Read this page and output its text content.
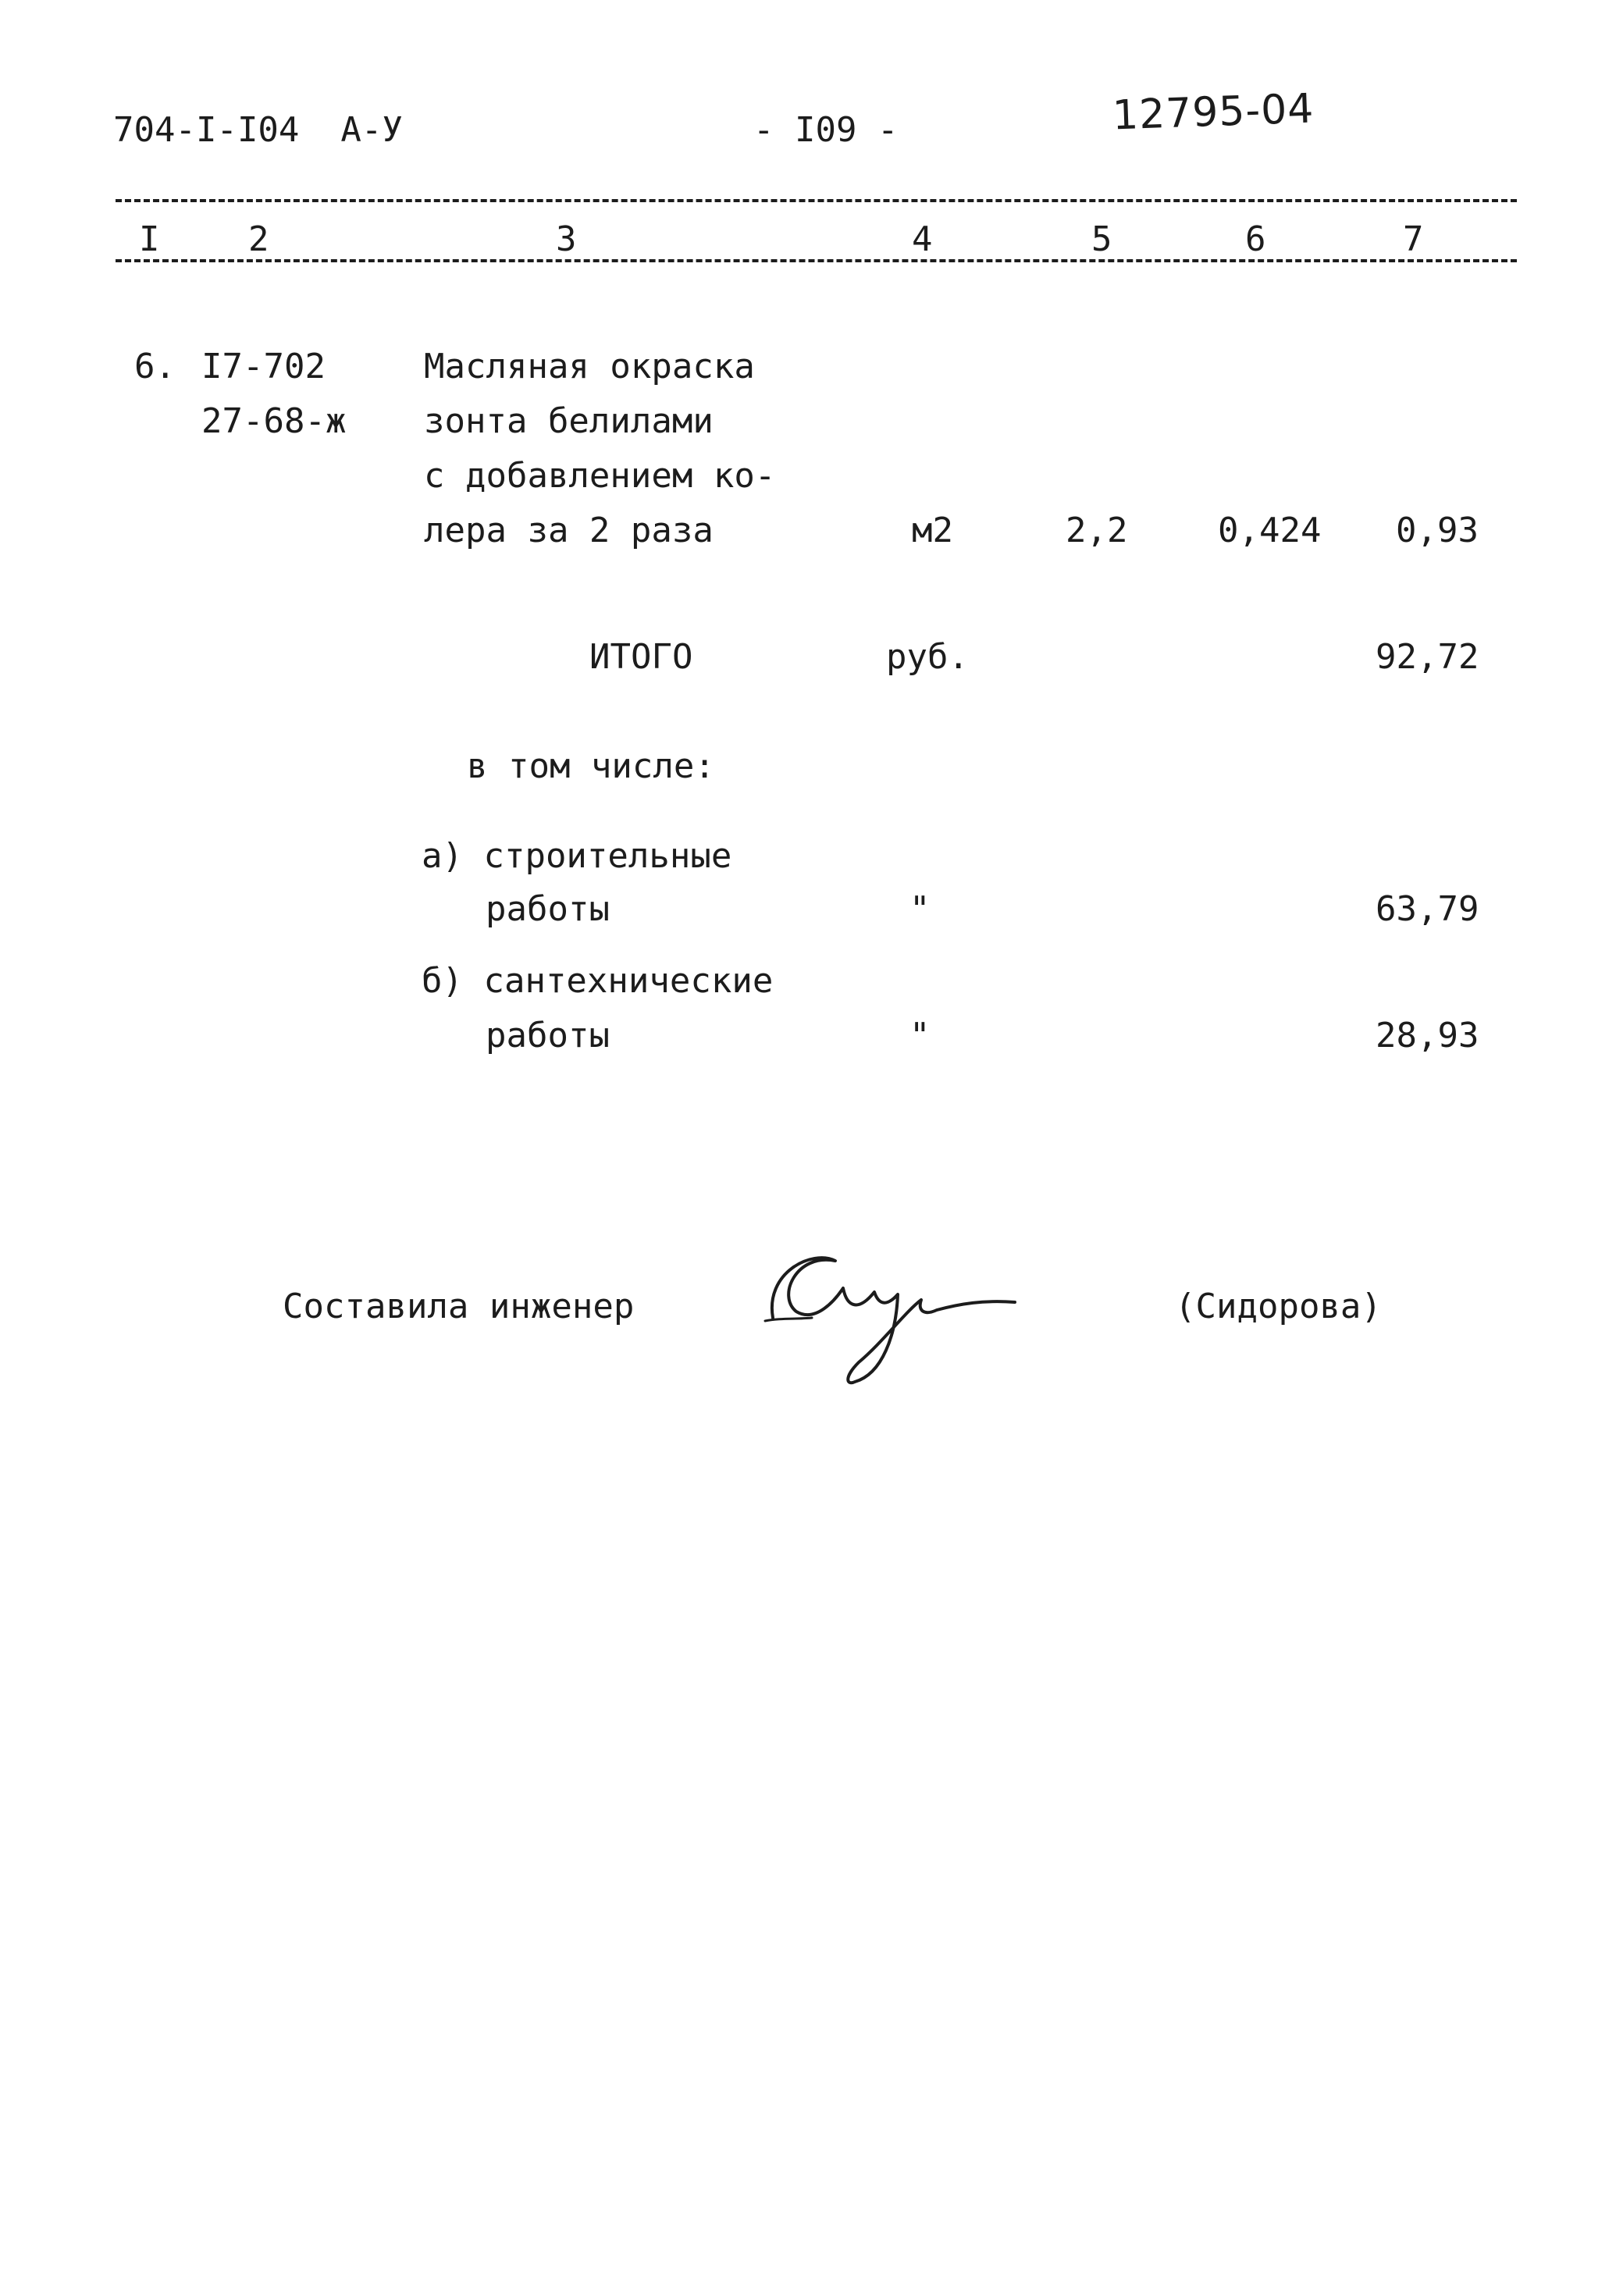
704-I-I04  А-У	- I09 -	12795-04
I	2	3	4	5	6	7
6. I7-702
27-68-ж
Масляная окраска
зонта белилами
с добавлением ко-
лера за 2 раза	м2	2,2	0,424 0,93
ИТОГО	руб.	92,72
в том числе:
а) строительные
работы	"	63,79
б) сантехнические
работы	"	28,93
Составила инженер	(Сидорова)
